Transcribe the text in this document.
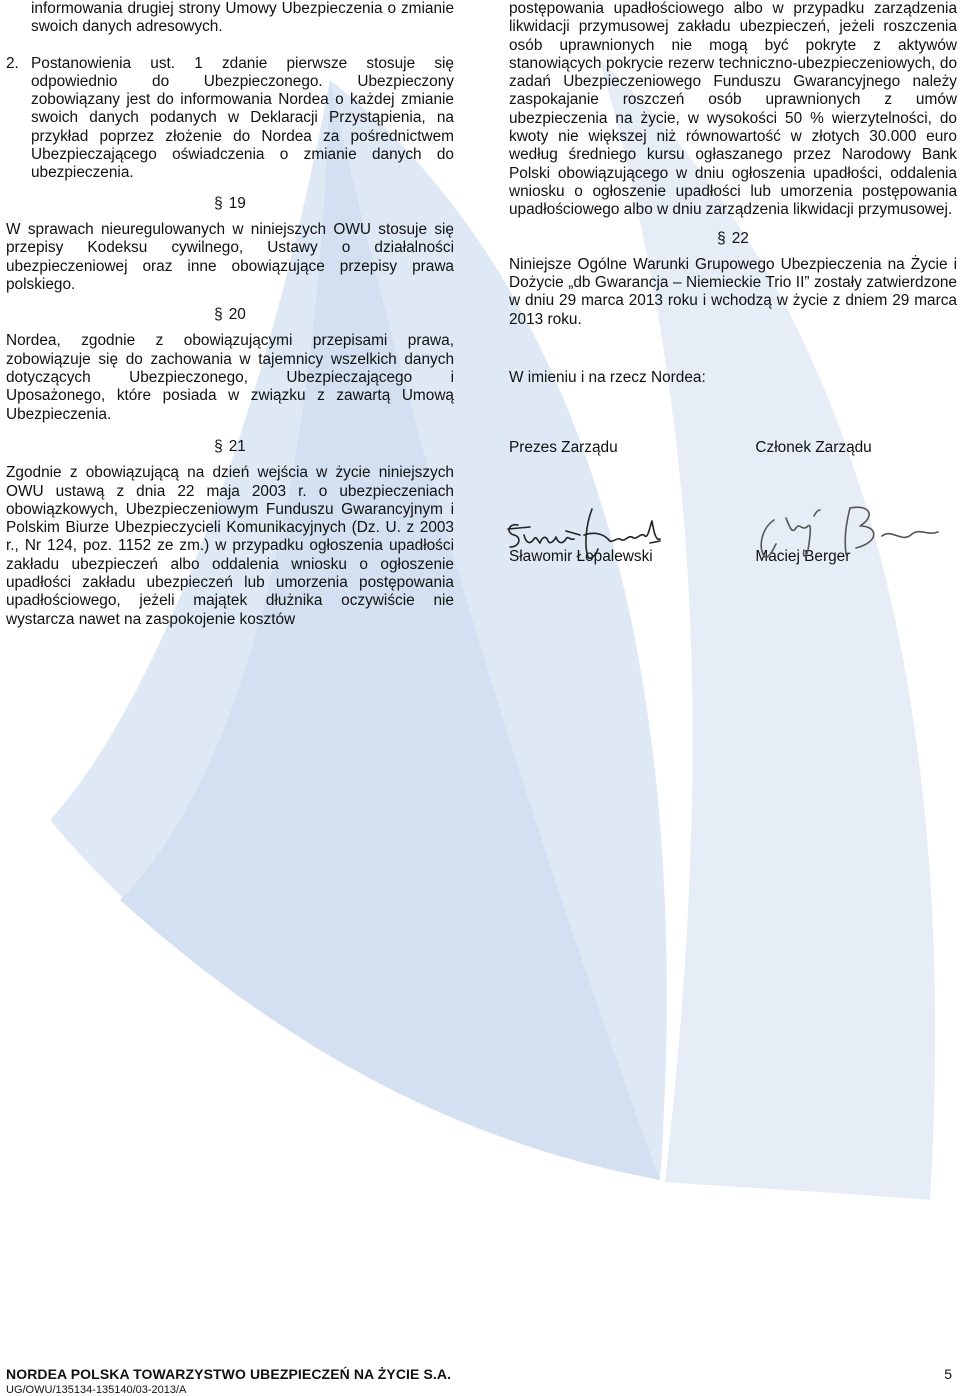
informowania drugiej strony Umowy Ubezpieczenia o zmianie swoich danych adresowych.

2. Postanowienia ust. 1 zdanie pierwsze stosuje się odpowiednio do Ubezpieczonego. Ubezpieczony zobowiązany jest do informowania Nordea o każdej zmianie swoich danych podanych w Deklaracji Przystąpienia, na przykład poprzez złożenie do Nordea za pośrednictwem Ubezpieczającego oświadczenia o zmianie danych do ubezpieczenia.

§ 19

W sprawach nieuregulowanych w niniejszych OWU stosuje się przepisy Kodeksu cywilnego, Ustawy o działalności ubezpieczeniowej oraz inne obowiązujące przepisy prawa polskiego.

§ 20

Nordea, zgodnie z obowiązującymi przepisami prawa, zobowiązuje się do zachowania w tajemnicy wszelkich danych dotyczących Ubezpieczonego, Ubezpieczającego i Uposażonego, które posiada w związku z zawartą Umową Ubezpieczenia.

§ 21

Zgodnie z obowiązującą na dzień wejścia w życie niniejszych OWU ustawą z dnia 22 maja 2003 r. o ubezpieczeniach obowiązkowych, Ubezpieczeniowym Funduszu Gwarancyjnym i Polskim Biurze Ubezpieczycieli Komunikacyjnych (Dz. U. z 2003 r., Nr 124, poz. 1152 ze zm.) w przypadku ogłoszenia upadłości zakładu ubezpieczeń albo oddalenia wniosku o ogłoszenie upadłości zakładu ubezpieczeń lub umorzenia postępowania upadłościowego, jeżeli majątek dłużnika oczywiście nie wystarcza nawet na zaspokojenie kosztów

postępowania upadłościowego albo w przypadku zarządzenia likwidacji przymusowej zakładu ubezpieczeń, jeżeli roszczenia osób uprawnionych nie mogą być pokryte z aktywów stanowiących pokrycie rezerw techniczno-ubezpieczeniowych, do zadań Ubezpieczeniowego Funduszu Gwarancyjnego należy zaspokajanie roszczeń osób uprawnionych z umów ubezpieczenia na życie, w wysokości 50 % wierzytelności, do kwoty nie większej niż równowartość w złotych 30.000 euro według średniego kursu ogłaszanego przez Narodowy Bank Polski obowiązującego w dniu ogłoszenia upadłości, oddalenia wniosku o ogłoszenie upadłości lub umorzenia postępowania upadłościowego albo w dniu zarządzenia likwidacji przymusowej.

§ 22

Niniejsze Ogólne Warunki Grupowego Ubezpieczenia na Życie i Dożycie „db Gwarancja – Niemieckie Trio II” zostały zatwierdzone w dniu 29 marca 2013 roku i wchodzą w życie z dniem 29 marca 2013 roku.

W imieniu i na rzecz Nordea:

Prezes Zarządu	Członek Zarządu
Sławomir Łopalewski	Maciej Berger
NORDEA POLSKA TOWARZYSTWO UBEZPIECZEŃ NA ŻYCIE S.A.	5
UG/OWU/135134-135140/03-2013/A
